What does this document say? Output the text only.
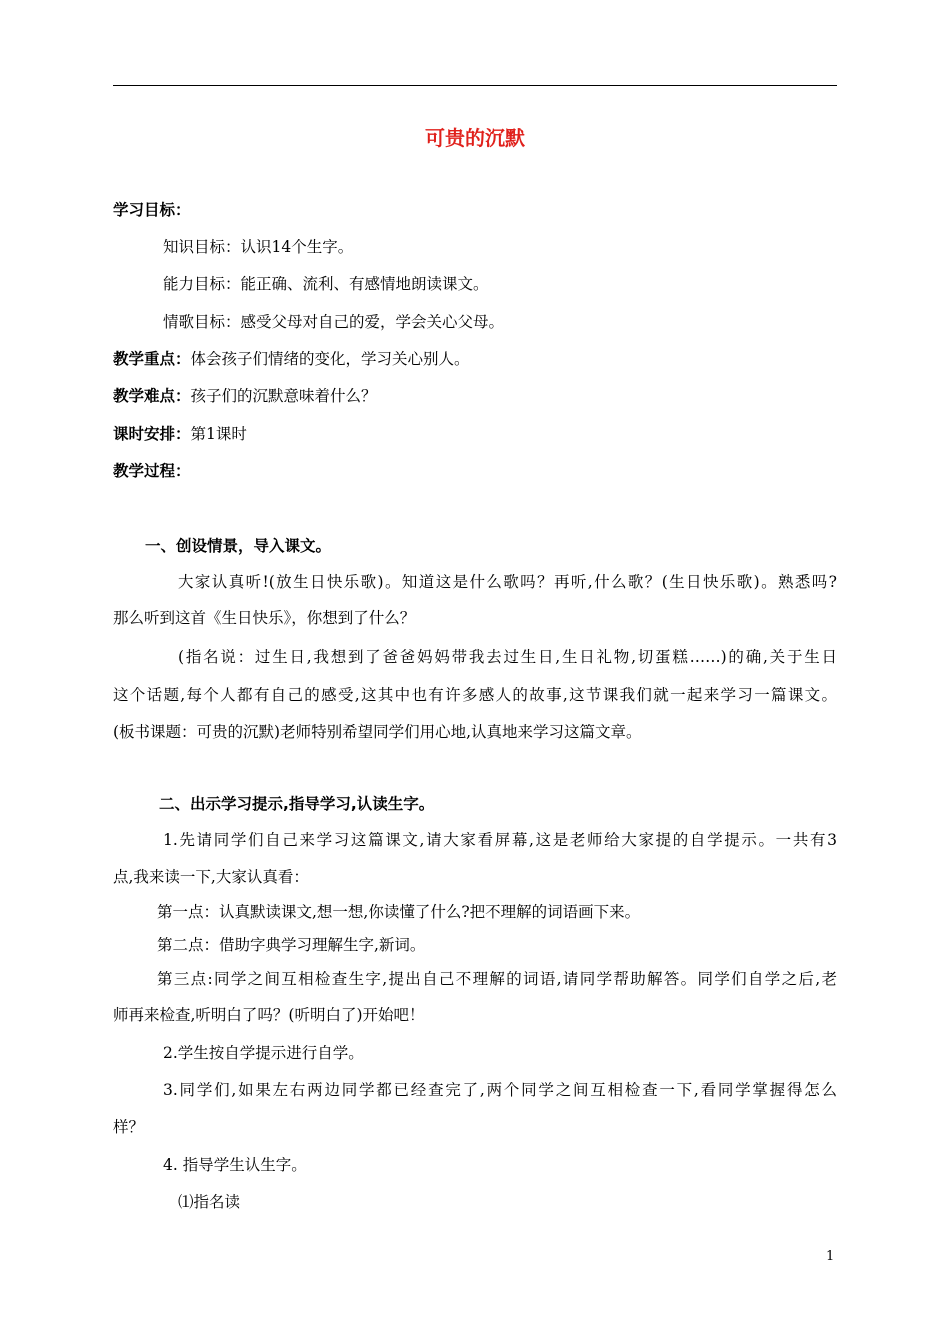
可贵的沉默
学习目标：
知识目标：认识14个生字。
能力目标：能正确、流利、有感情地朗读课文。
情歌目标：感受父母对自己的爱，学会关心父母。
教学重点：体会孩子们情绪的变化，学习关心别人。
教学难点：孩子们的沉默意味着什么？
课时安排：第1课时
教学过程：
一、创设情景，导入课文。
大家认真听!(放生日快乐歌)。知道这是什么歌吗？再听,什么歌？(生日快乐歌)。熟悉吗?
那么听到这首《生日快乐》，你想到了什么？
(指名说：过生日,我想到了爸爸妈妈带我去过生日,生日礼物,切蛋糕……)的确,关于生日
这个话题,每个人都有自己的感受,这其中也有许多感人的故事,这节课我们就一起来学习一篇课文。
(板书课题：可贵的沉默)老师特别希望同学们用心地,认真地来学习这篇文章。
二、出示学习提示,指导学习,认读生字。
1.先请同学们自己来学习这篇课文,请大家看屏幕,这是老师给大家提的自学提示。一共有3
点,我来读一下,大家认真看：
第一点：认真默读课文,想一想,你读懂了什么?把不理解的词语画下来。
第二点：借助字典学习理解生字,新词。
第三点:同学之间互相检查生字,提出自己不理解的词语,请同学帮助解答。同学们自学之后,老
师再来检查,听明白了吗？(听明白了)开始吧！
2.学生按自学提示进行自学。
3.同学们,如果左右两边同学都已经查完了,两个同学之间互相检查一下,看同学掌握得怎么
样？
4. 指导学生认生字。
⑴指名读
1
